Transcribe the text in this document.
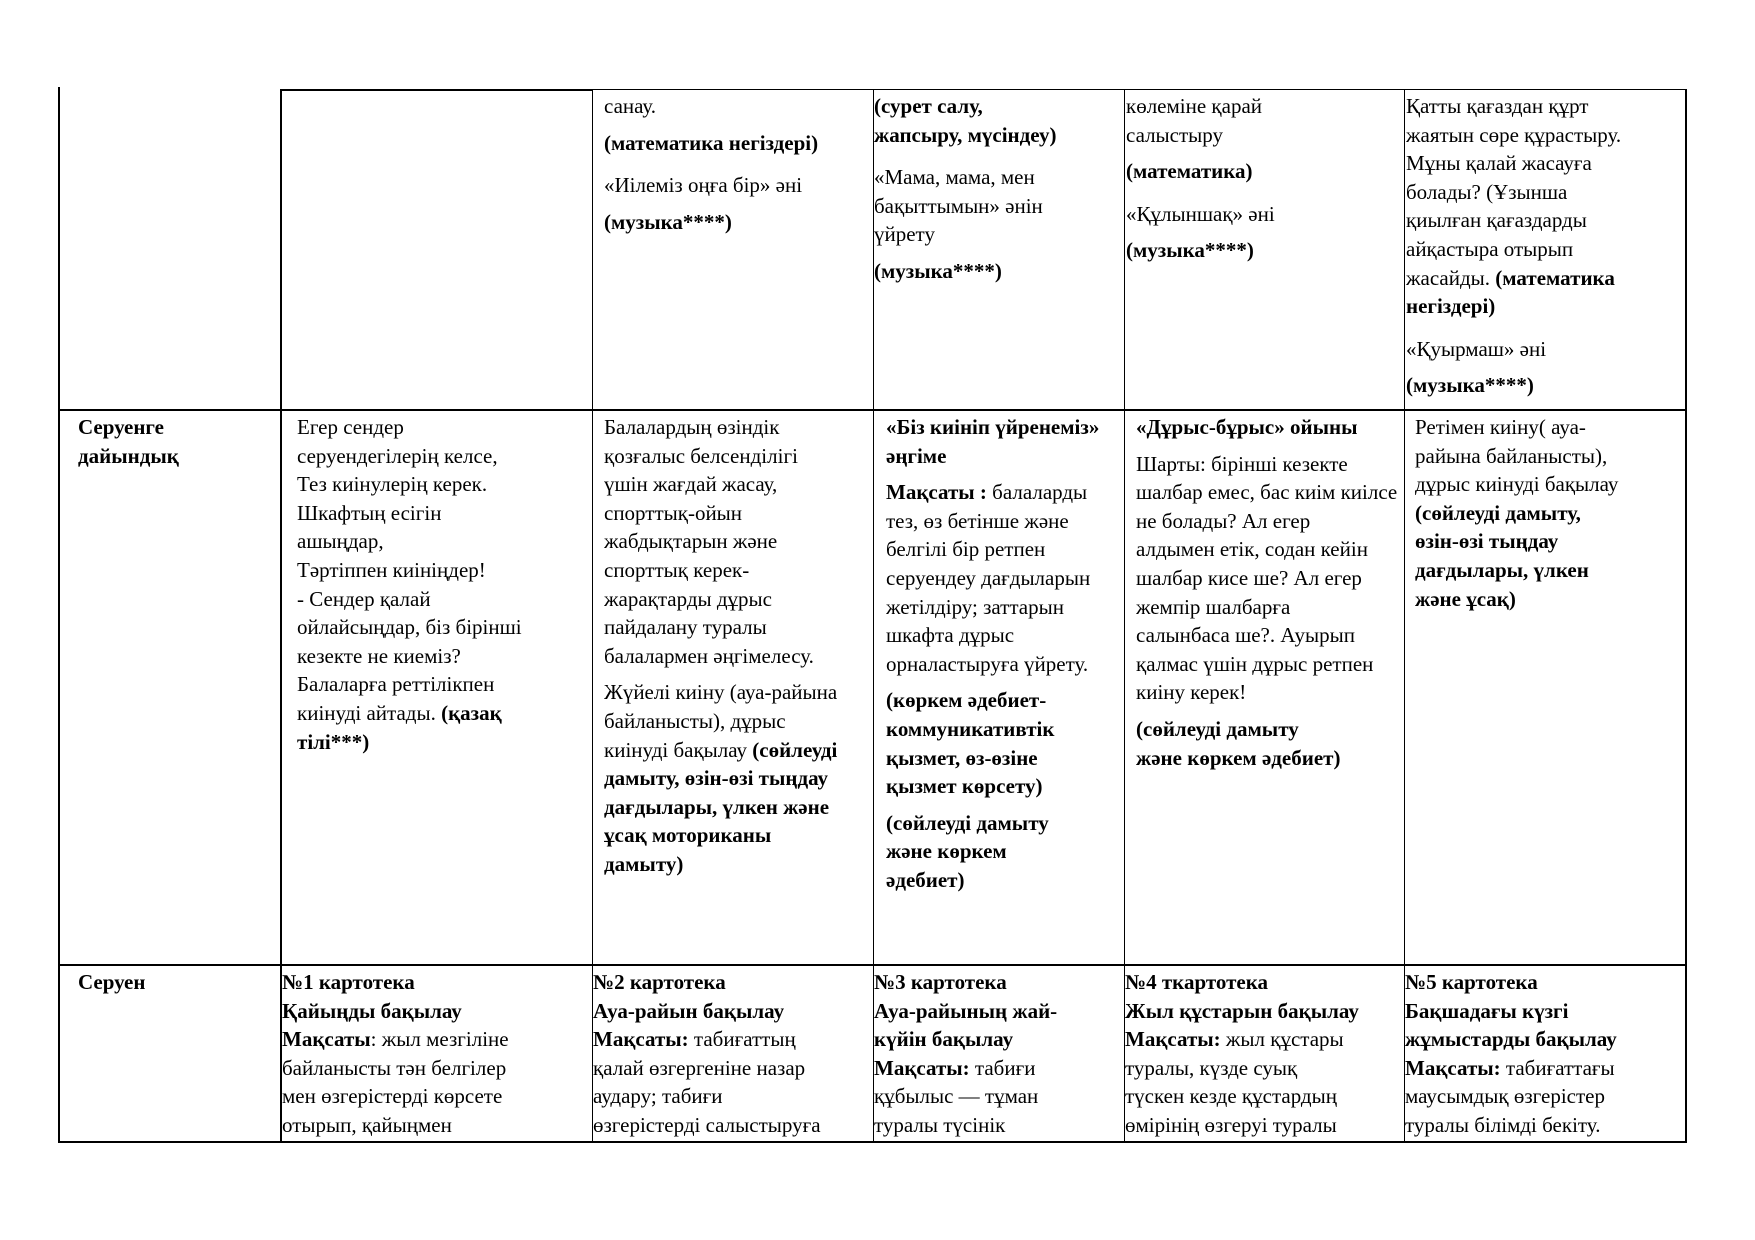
Серуенге
дайындық
Серуен

санау.

(математика негіздері)

«Иілеміз оңға бір» әні

(музыка****)

(сурет салу,
жапсыру, мүсіндеу)

«Мама, мама, мен
бақыттымын» әнін
үйрету

(музыка****)

көлеміне қарай
салыстыру

(математика)

«Құлыншақ» әні

(музыка****)

Қатты қағаздан құрт
жаятын сөре құрастыру.
Мұны қалай жасауға
болады? (Ұзынша
қиылған қағаздарды
айқастыра отырып
жасайды. (математика
негіздері)

«Қуырмаш» әні

(музыка****)

Егер сендер
серуендегілерің келсе,
Тез киінулерің керек.
Шкафтың есігін
ашыңдар,
Тәртіппен киініңдер!
- Сендер қалай
ойлайсыңдар, біз бірінші
кезекте не киеміз?
Балаларға реттілікпен
киінуді айтады. (қазақ
тілі***)

Балалардың өзіндік
қозғалыс белсенділігі
үшін жағдай жасау,
спорттық-ойын
жабдықтарын және
спорттық керек-
жарақтарды дұрыс
пайдалану туралы
балалармен әңгімелесу.

Жүйелі киіну (ауа-райына
байланысты), дұрыс
киінуді бақылау (сөйлеуді
дамыту, өзін-өзі тыңдау
дағдылары, үлкен және
ұсақ моториканы
дамыту)

«Біз киініп үйренеміз»
әңгіме

Мақсаты : балаларды
тез, өз бетінше және
белгілі бір ретпен
серуендеу дағдыларын
жетілдіру; заттарын
шкафта дұрыс
орналастыруға үйрету.

(көркем әдебиет-
коммуникативтік
қызмет, өз-өзіне
қызмет көрсету)

(сөйлеуді дамыту
және көркем
әдебиет)

«Дұрыс-бұрыс» ойыны

Шарты: бірінші кезекте
шалбар емес, бас киім киілсе
не болады? Ал егер
алдымен етік, содан кейін
шалбар кисе ше? Ал егер
жемпір шалбарға
салынбаса ше?. Ауырып
қалмас үшін дұрыс ретпен
киіну керек!

(сөйлеуді дамыту
және көркем әдебиет)

Ретімен киіну( ауа-
райына байланысты),
дұрыс киінуді бақылау
(сөйлеуді дамыту,
өзін-өзі тыңдау
дағдылары, үлкен
және ұсақ)

№1 картотека
Қайыңды бақылау
Мақсаты: жыл мезгіліне
байланысты тән белгілер
мен өзгерістерді көрсете
отырып, қайыңмен

№2 картотека
Ауа-райын бақылау
Мақсаты: табиғаттың
қалай өзгергеніне назар
аудару; табиғи
өзгерістерді салыстыруға

№3 картотека
Ауа-райының жай-
күйін бақылау
Мақсаты: табиғи
құбылыс — тұман
туралы түсінік

№4 ткартотека
Жыл құстарын бақылау
Мақсаты: жыл құстары
туралы, күзде суық
түскен кезде құстардың
өмірінің өзгеруі туралы

№5 картотека
Бақшадағы күзгі
жұмыстарды бақылау
Мақсаты: табиғаттағы
маусымдық өзгерістер
туралы білімді бекіту.
